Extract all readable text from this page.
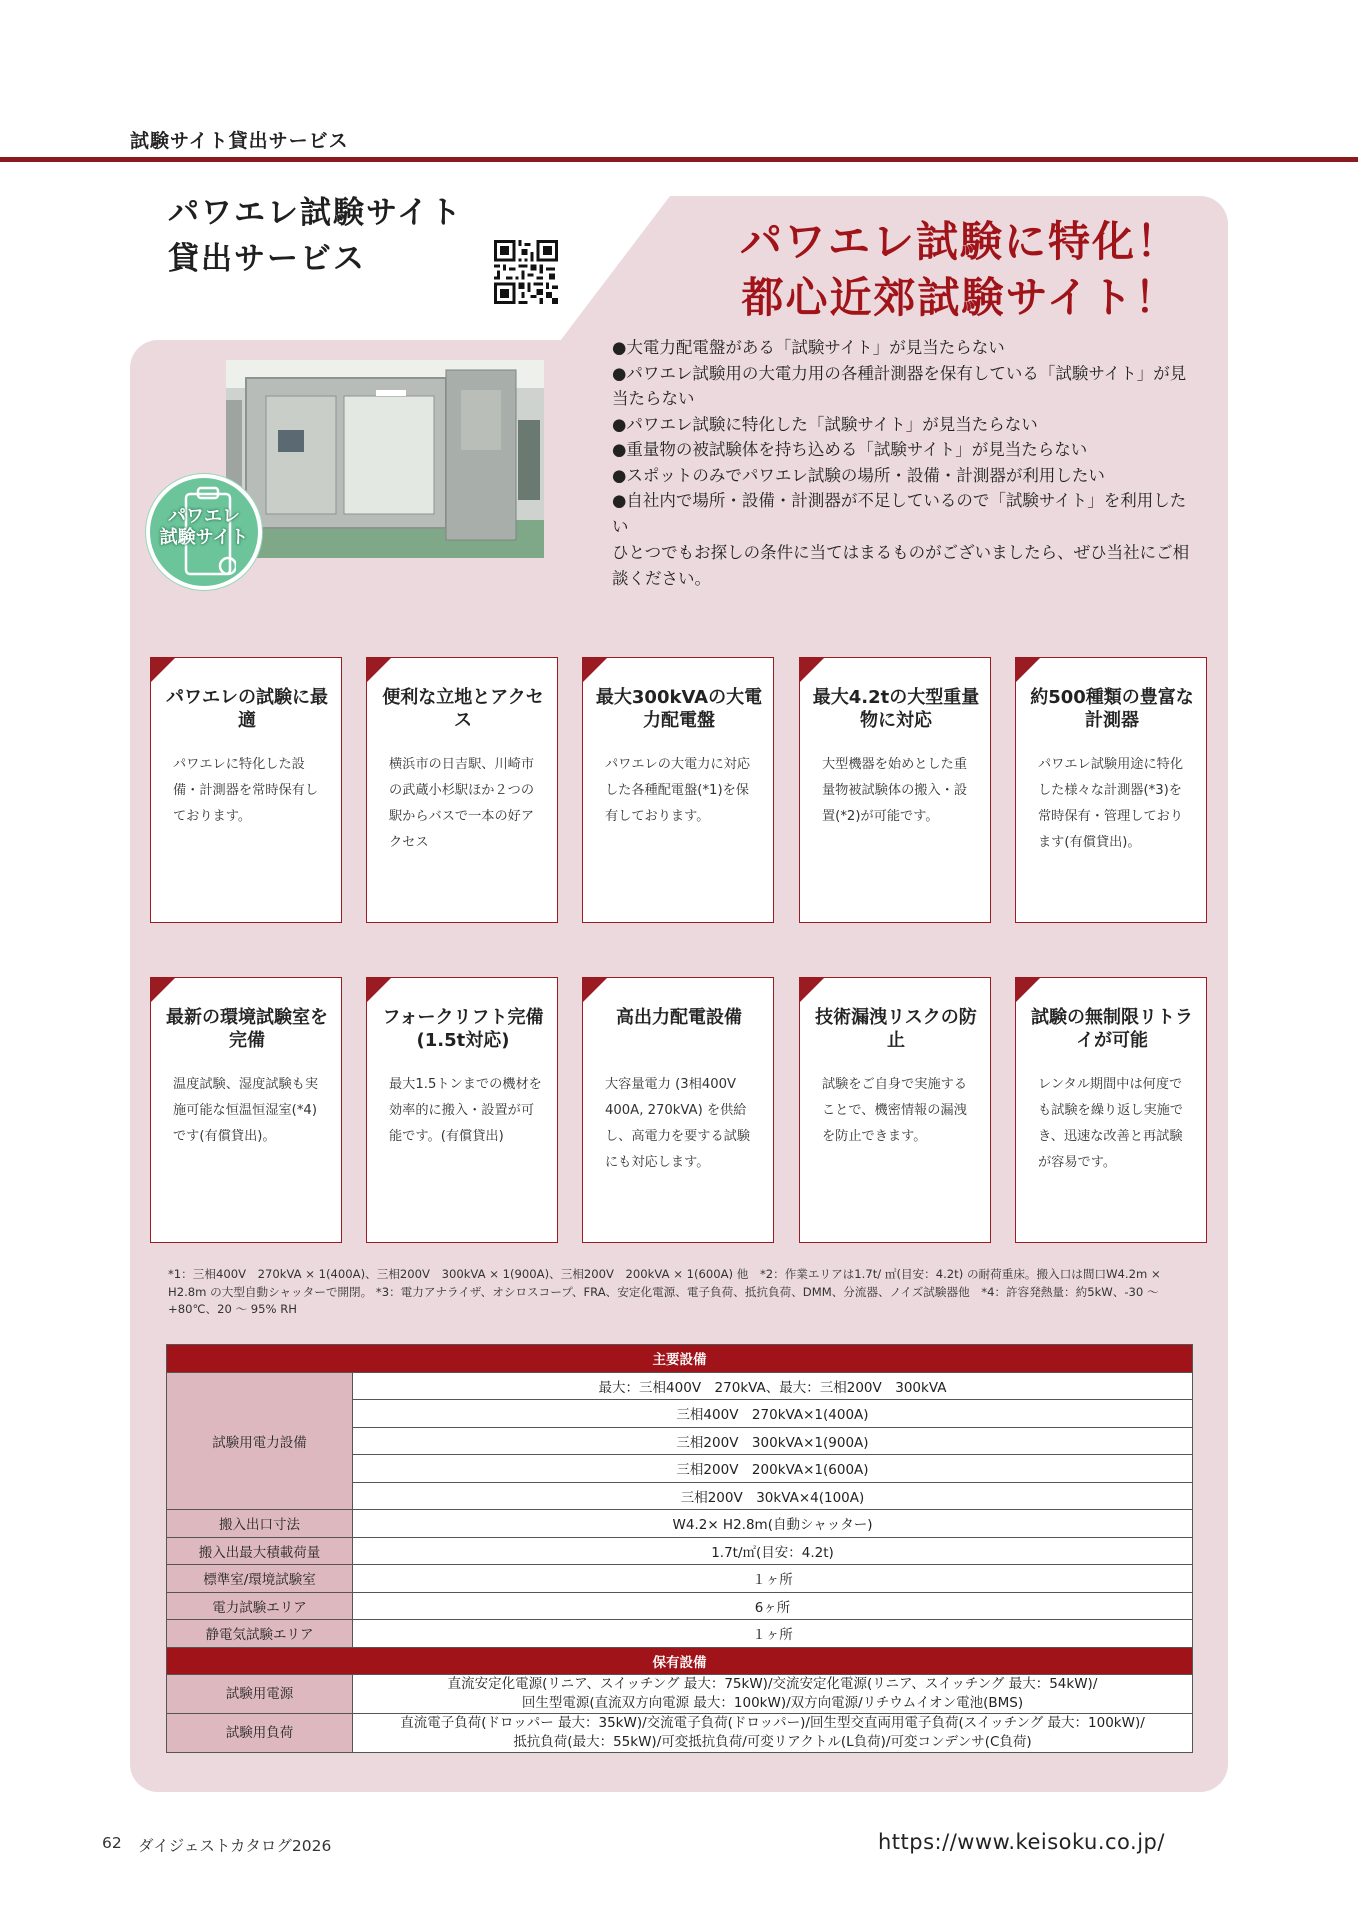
試験サイト貸出サービス
パワエレ試験サイト
貸出サービス	パワエレ試験に特化！
都心近郊試験サイト！
パワエレ
試験サイト
●大電力配電盤がある「試験サイト」が見当たらない
●パワエレ試験用の大電力用の各種計測器を保有している「試験サイト」が見当たらない
●パワエレ試験に特化した「試験サイト」が見当たらない
●重量物の被試験体を持ち込める「試験サイト」が見当たらない
●スポットのみでパワエレ試験の場所・設備・計測器が利用したい
●自社内で場所・設備・計測器が不足しているので「試験サイト」を利用したい
ひとつでもお探しの条件に当てはまるものがございましたら、ぜひ当社にご相談ください。
パワエレの試験に最適
パワエレに特化した設備・計測器を常時保有しております。
便利な立地とアクセス
横浜市の日吉駅、川崎市の武蔵小杉駅ほか２つの駅からバスで一本の好アクセス
最大300kVAの大電力配電盤
パワエレの大電力に対応した各種配電盤(*1)を保有しております。
最大4.2tの大型重量物に対応
大型機器を始めとした重量物被試験体の搬入・設置(*2)が可能です。
約500種類の豊富な計測器
パワエレ試験用途に特化した様々な計測器(*3)を常時保有・管理しております(有償貸出)。
最新の環境試験室を完備
温度試験、湿度試験も実施可能な恒温恒湿室(*4)です(有償貸出)。
フォークリフト完備(1.5t対応)
最大1.5トンまでの機材を効率的に搬入・設置が可能です。(有償貸出)
高出力配電設備
大容量電力 (3相400V 400A, 270kVA) を供給し、高電力を要する試験にも対応します。
技術漏洩リスクの防止
試験をご自身で実施することで、機密情報の漏洩を防止できます。
試験の無制限リトライが可能
レンタル期間中は何度でも試験を繰り返し実施でき、迅速な改善と再試験が容易です。
*1：三相400V　270kVA × 1(400A)、三相200V　300kVA × 1(900A)、三相200V　200kVA × 1(600A) 他　*2：作業エリアは1.7t/ ㎡(目安：4.2t) の耐荷重床。搬入口は間口W4.2m × H2.8m の大型自動シャッターで開閉。 *3：電力アナライザ、オシロスコープ、FRA、安定化電源、電子負荷、抵抗負荷、DMM、分流器、ノイズ試験器他　*4：許容発熱量：約5kW、-30 〜 +80℃、20 〜 95% RH
主要設備	
試験用電力設備	最大：三相400V　270kVA、最大：三相200V　300kVA
	三相400V　270kVA×1(400A)
	三相200V　300kVA×1(900A)
	三相200V　200kVA×1(600A)
	三相200V　30kVA×4(100A)
搬入出口寸法	W4.2× H2.8m(自動シャッター)
搬入出最大積載荷量	1.7t/㎡(目安：4.2t)
標準室/環境試験室	１ヶ所
電力試験エリア	6ヶ所
静電気試験エリア	１ヶ所
保有設備	
試験用電源	直流安定化電源(リニア、スイッチング 最大：75kW)/交流安定化電源(リニア、スイッチング 最大：54kW)/
回生型電源(直流双方向電源 最大：100kW)/双方向電源/リチウムイオン電池(BMS)

試験用負荷	直流電子負荷(ドロッパー 最大：35kW)/交流電子負荷(ドロッパー)/回生型交直両用電子負荷(スイッチング 最大：100kW)/
抵抗負荷(最大：55kW)/可変抵抗負荷/可変リアクトル(L負荷)/可変コンデンサ(C負荷)
62 ダイジェストカタログ2026	https://www.keisoku.co.jp/
